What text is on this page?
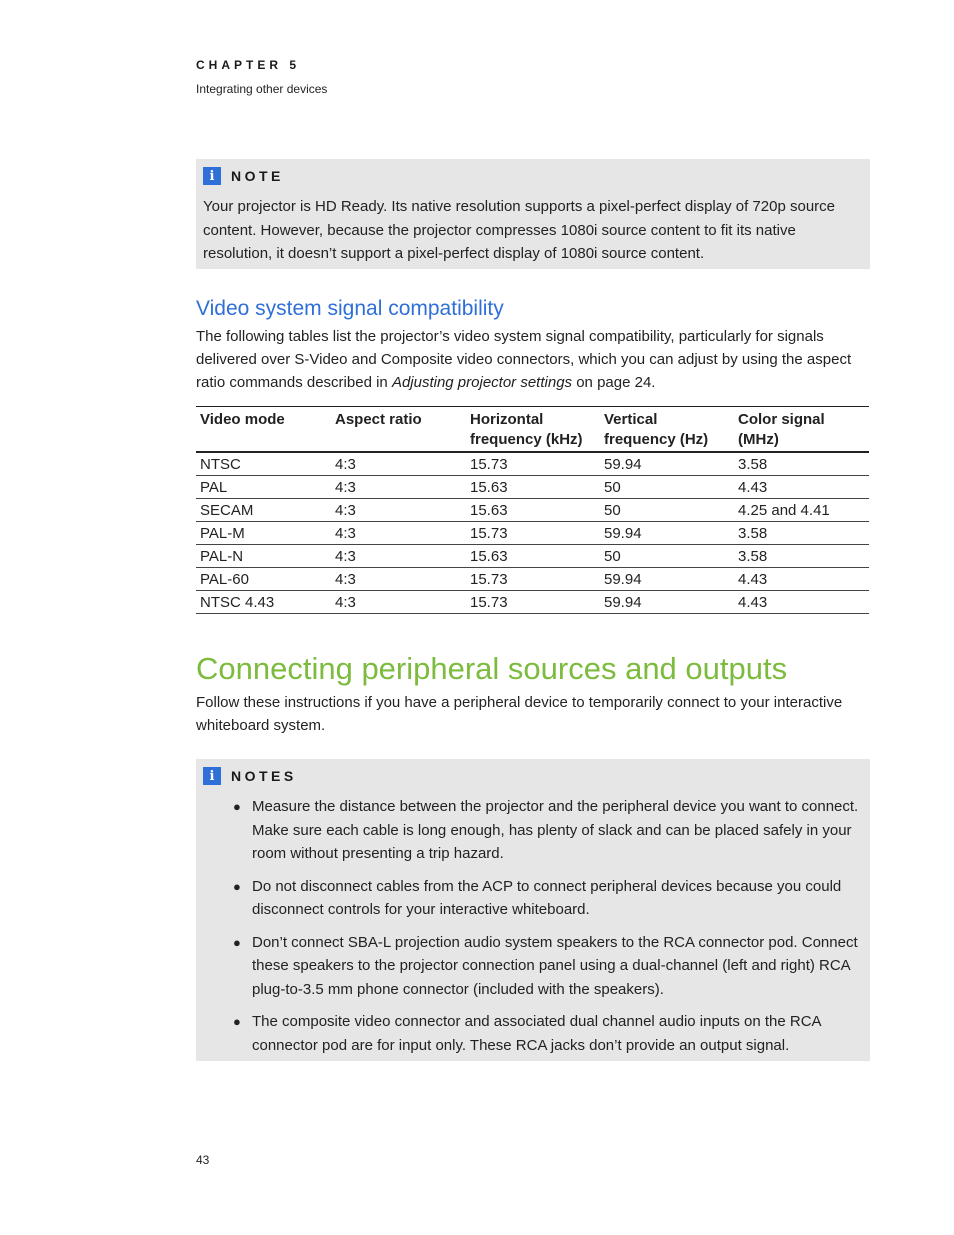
CHAPTER 5
Integrating other devices
i	NOTE
Your projector is HD Ready. Its native resolution supports a pixel-perfect display of 720p source content. However, because the projector compresses 1080i source content to fit its native resolution, it doesn’t support a pixel-perfect display of 1080i source content.
Video system signal compatibility
The following tables list the projector’s video system signal compatibility, particularly for signals delivered over S-Video and Composite video connectors, which you can adjust by using the aspect ratio commands described in Adjusting projector settings on page 24.
Video mode	Aspect ratio	Horizontal frequency (kHz)	Vertical frequency (Hz)	Color signal (MHz)
NTSC	4:3	15.73	59.94	3.58
PAL	4:3	15.63	50	4.43
SECAM	4:3	15.63	50	4.25 and 4.41
PAL-M	4:3	15.73	59.94	3.58
PAL-N	4:3	15.63	50	3.58
PAL-60	4:3	15.73	59.94	4.43
NTSC 4.43	4:3	15.73	59.94	4.43
Connecting peripheral sources and outputs
Follow these instructions if you have a peripheral device to temporarily connect to your interactive whiteboard system.
i	NOTES
● Measure the distance between the projector and the peripheral device you want to connect. Make sure each cable is long enough, has plenty of slack and can be placed safely in your room without presenting a trip hazard.
● Do not disconnect cables from the ACP to connect peripheral devices because you could disconnect controls for your interactive whiteboard.
● Don’t connect SBA-L projection audio system speakers to the RCA connector pod. Connect these speakers to the projector connection panel using a dual-channel (left and right) RCA plug-to-3.5 mm phone connector (included with the speakers).
● The composite video connector and associated dual channel audio inputs on the RCA connector pod are for input only. These RCA jacks don’t provide an output signal.
43
